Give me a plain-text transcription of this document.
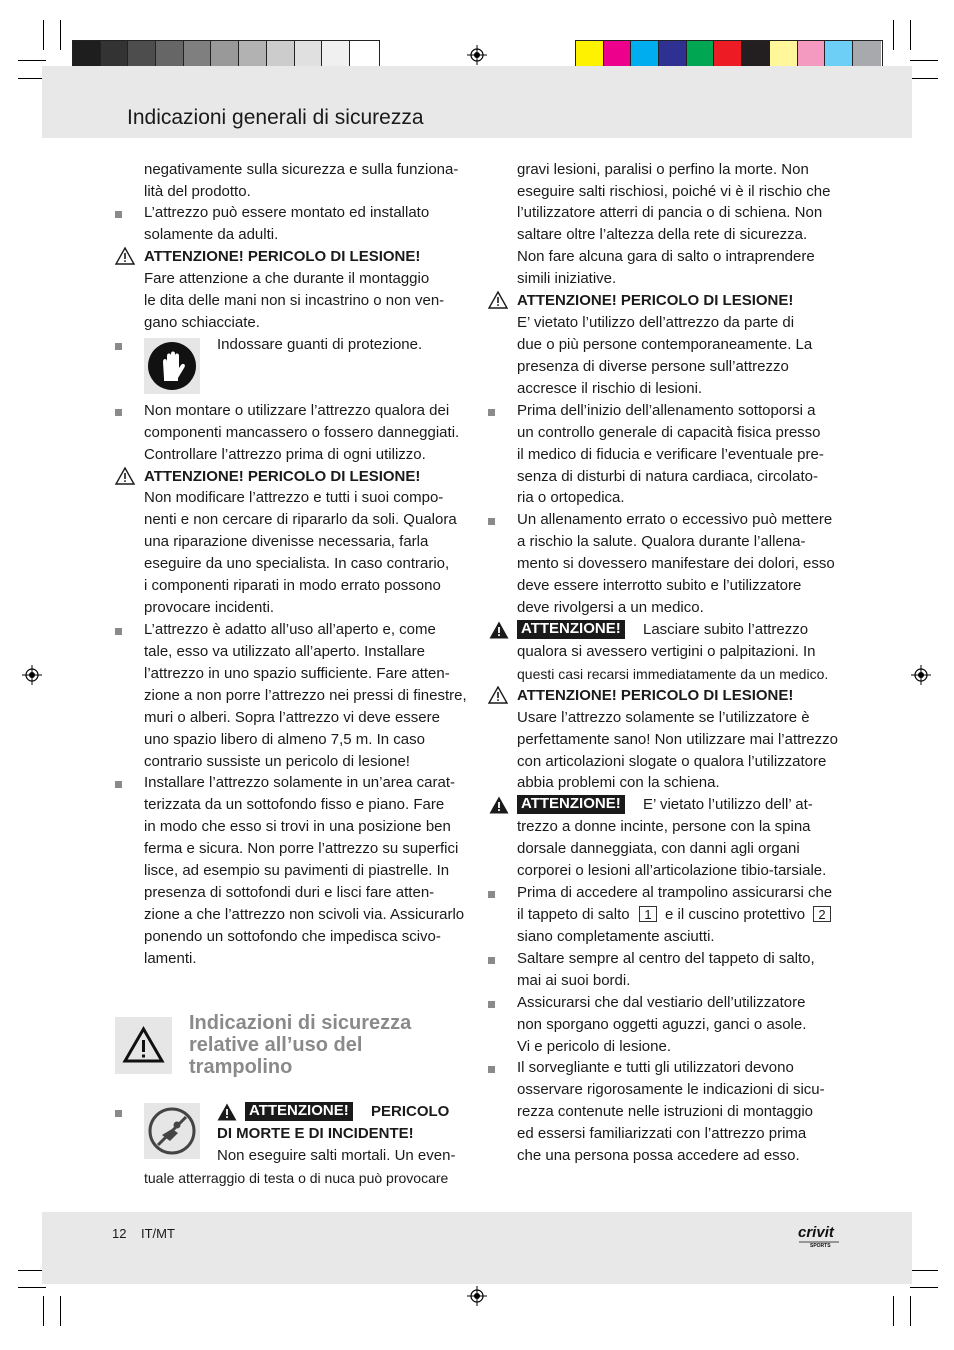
Indicazioni generali di sicurezza
negativamente sulla sicurezza e sulla funziona-
lità del prodotto.
L’attrezzo può essere montato ed installato
solamente da adulti.
ATTENZIONE! PERICOLO DI LESIONE!
Fare attenzione a che durante il montaggio
le dita delle mani non si incastrino o non ven-
gano schiacciate.
Indossare guanti di protezione.
Non montare o utilizzare l’attrezzo qualora dei
componenti mancassero o fossero danneggiati.
Controllare l’attrezzo prima di ogni utilizzo.
ATTENZIONE! PERICOLO DI LESIONE!
Non modificare l’attrezzo e tutti i suoi compo-
nenti e non cercare di ripararlo da soli. Qualora
una riparazione divenisse necessaria, farla
eseguire da uno specialista. In caso contrario,
i componenti riparati in modo errato possono
provocare incidenti.
L’attrezzo è adatto all’uso all’aperto e, come
tale, esso va utilizzato all’aperto. Installare
l’attrezzo in uno spazio sufficiente. Fare atten-
zione a non porre l’attrezzo nei pressi di finestre,
muri o alberi. Sopra l’attrezzo vi deve essere
uno spazio libero di almeno 7,5 m. In caso
contrario sussiste un pericolo di lesione!
Installare l’attrezzo solamente in un’area carat-
terizzata da un sottofondo fisso e piano. Fare
in modo che esso si trovi in una posizione ben
ferma e sicura. Non porre l’attrezzo su superfici
lisce, ad esempio su pavimenti di piastrelle. In
presenza di sottofondi duri e lisci fare atten-
zione a che l’attrezzo non scivoli via. Assicurarlo
ponendo un sottofondo che impedisca scivo-
lamenti.
Indicazioni di sicurezza
relative all’uso del
trampolino
ATTENZIONE! PERICOLO
DI MORTE E DI INCIDENTE!
Non eseguire salti mortali. Un even-
tuale atterraggio di testa o di nuca può provocare
gravi lesioni, paralisi o perfino la morte. Non
eseguire salti rischiosi, poiché vi è il rischio che
l’utilizzatore atterri di pancia o di schiena. Non
saltare oltre l’altezza della rete di sicurezza.
Non fare alcuna gara di salto o intraprendere
simili iniziative.
ATTENZIONE! PERICOLO DI LESIONE!
E’ vietato l’utilizzo dell’attrezzo da parte di
due o più persone contemporaneamente. La
presenza di diverse persone sull’attrezzo
accresce il rischio di lesioni.
Prima dell’inizio dell’allenamento sottoporsi a
un controllo generale di capacità fisica presso
il medico di fiducia e verificare l’eventuale pre-
senza di disturbi di natura cardiaca, circolato-
ria o ortopedica.
Un allenamento errato o eccessivo può mettere
a rischio la salute. Qualora durante l’allena-
mento si dovessero manifestare dei dolori, esso
deve essere interrotto subito e l’utilizzatore
deve rivolgersi a un medico.
ATTENZIONE! Lasciare subito l’attrezzo
qualora si avessero vertigini o palpitazioni. In
questi casi recarsi immediatamente da un medico.
ATTENZIONE! PERICOLO DI LESIONE!
Usare l’attrezzo solamente se l’utilizzatore è
perfettamente sano! Non utilizzare mai l’attrezzo
con articolazioni slogate o qualora l’utilizzatore
abbia problemi con la schiena.
ATTENZIONE! E’ vietato l’utilizzo dell’ at-
trezzo a donne incinte, persone con la spina
dorsale danneggiata, con danni agli organi
corporei o lesioni all’articolazione tibio-tarsiale.
Prima di accedere al trampolino assicurarsi che
il tappeto di salto	1 e il cuscino protettivo	2
siano completamente asciutti.
Saltare sempre al centro del tappeto di salto,
mai ai suoi bordi.
Assicurarsi che dal vestiario dell’utilizzatore
non sporgano oggetti aguzzi, ganci o asole.
Vi e pericolo di lesione.
Il sorvegliante e tutti gli utilizzatori devono
osservare rigorosamente le indicazioni di sicu-
rezza contenute nelle istruzioni di montaggio
ed essersi familiarizzati con l’attrezzo prima
che una persona possa accedere ad esso.
12 IT/MT	crivit
SPORTS
